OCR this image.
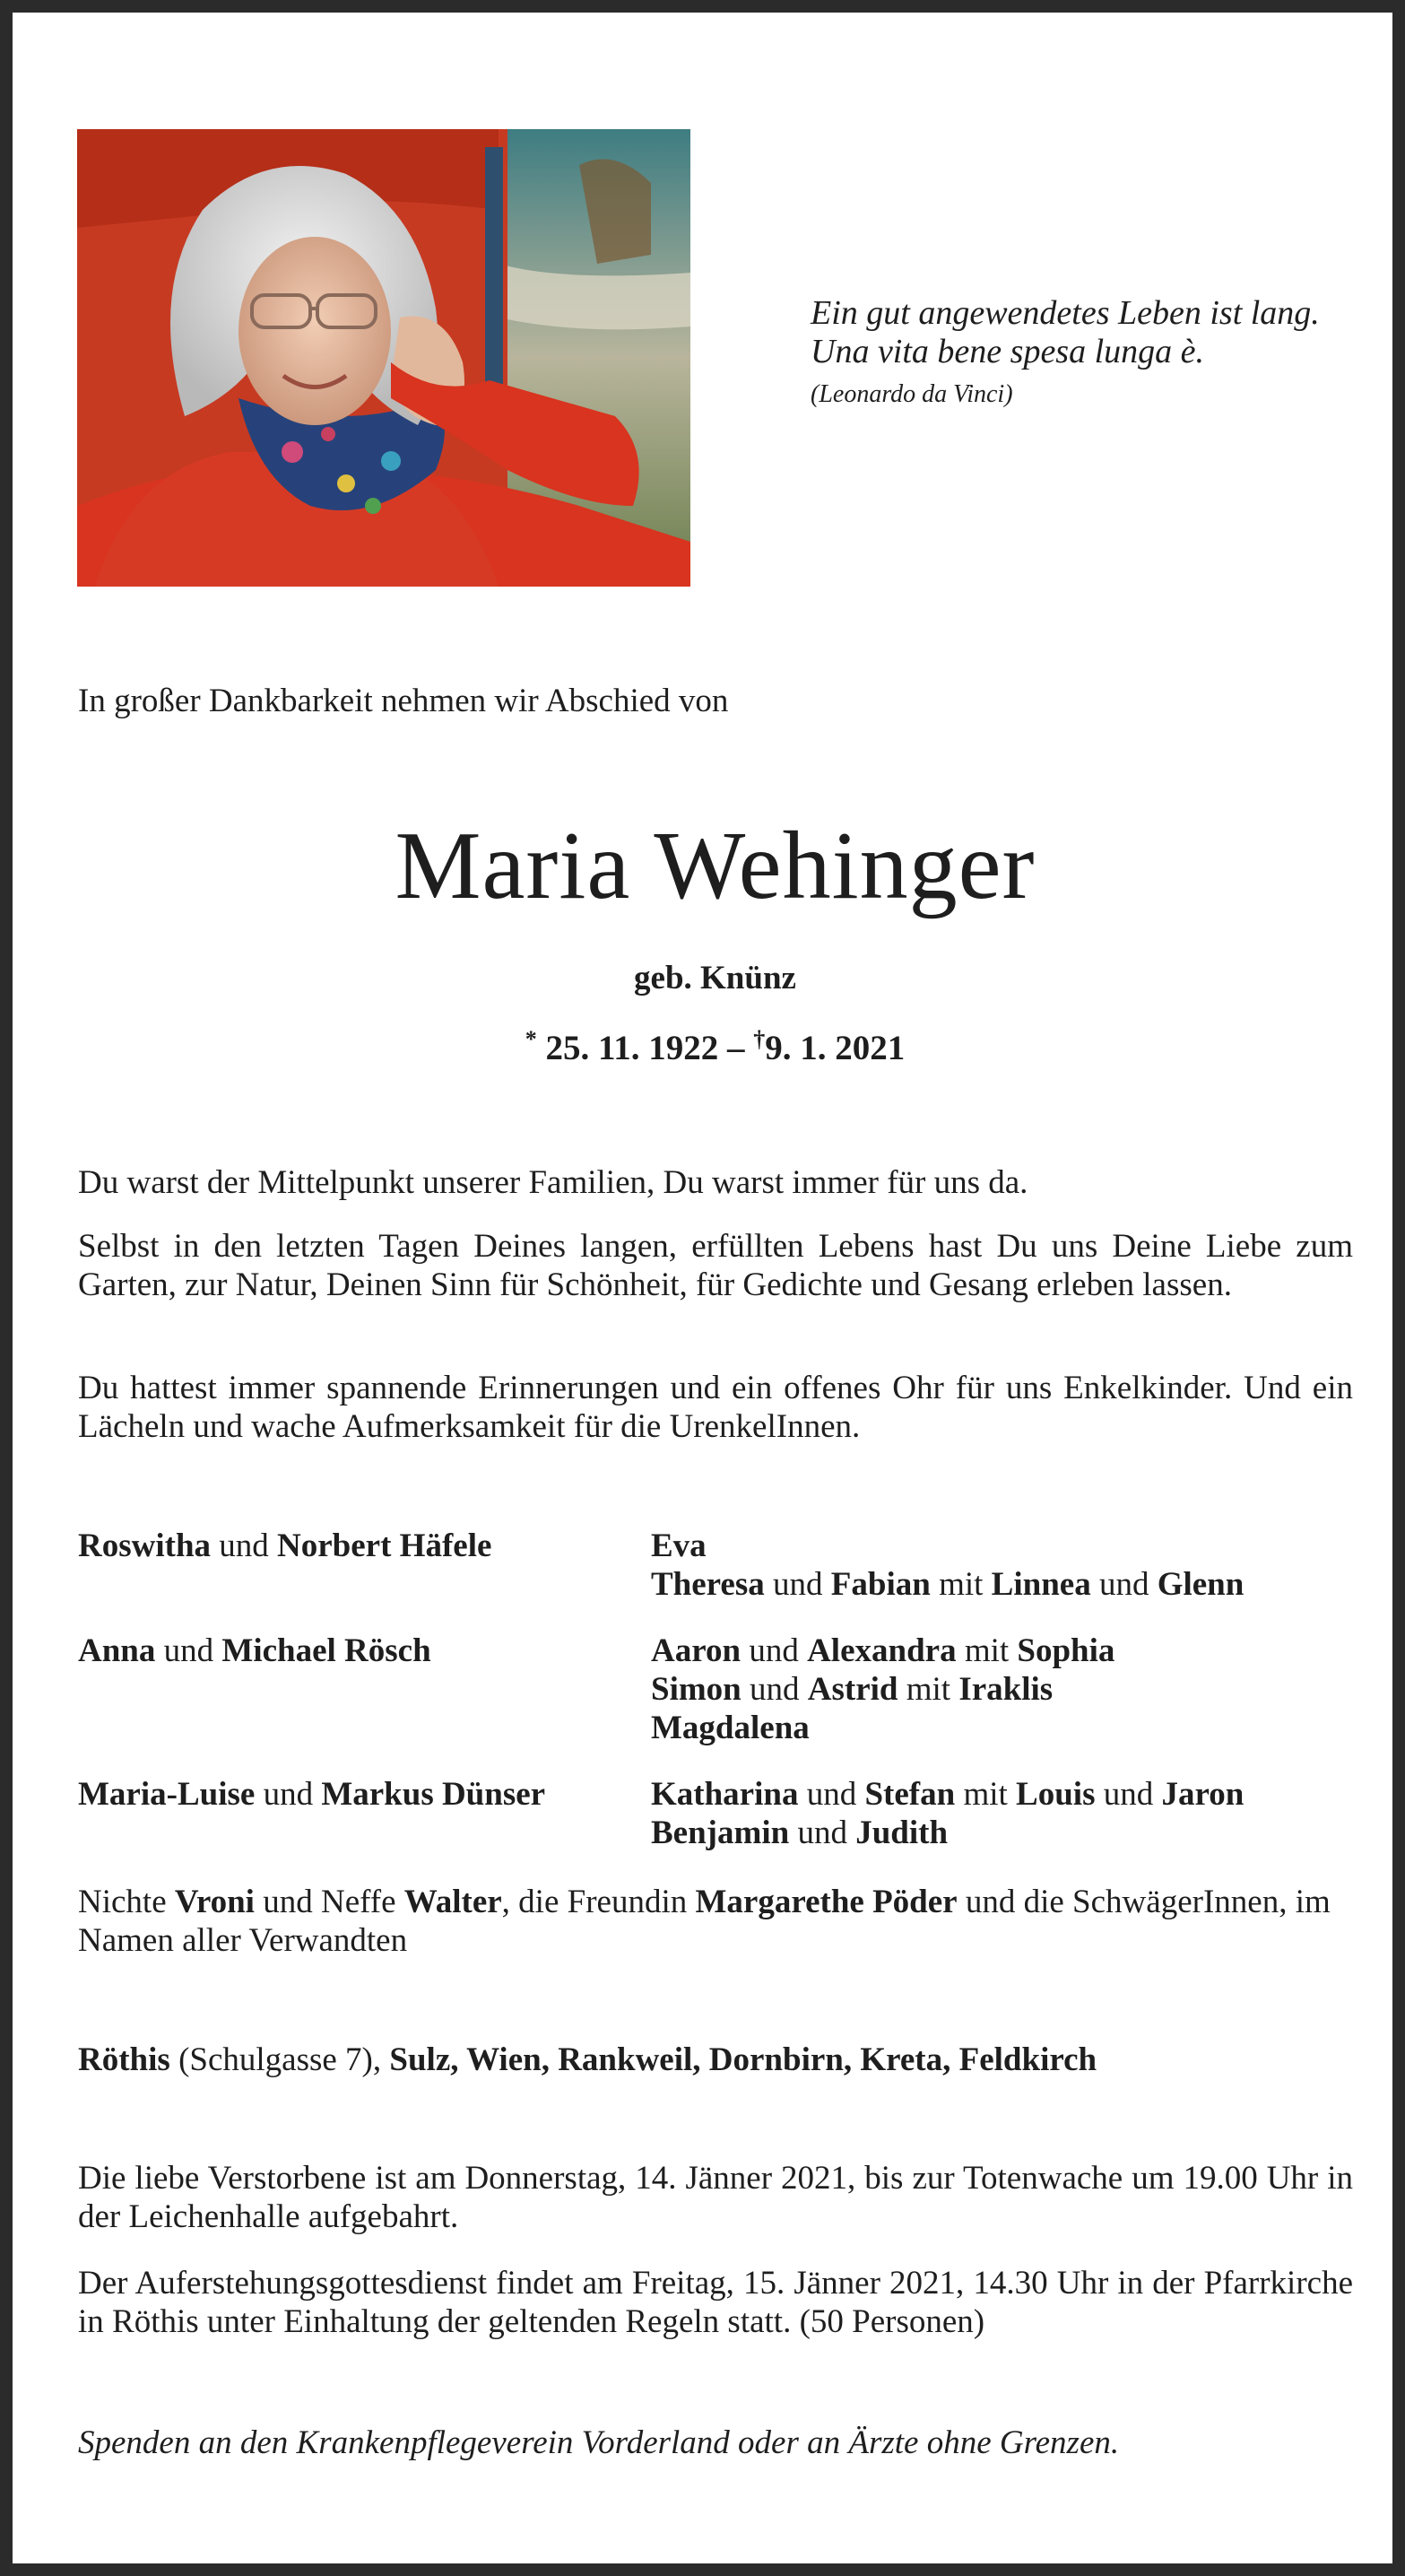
Ein gut angewendetes Leben ist lang.
Una vita bene spesa lunga è.
(Leonardo da Vinci)
In großer Dankbarkeit nehmen wir Abschied von
Maria Wehinger
geb. Knünz
* 25. 11. 1922 – †9. 1. 2021
Du warst der Mittelpunkt unserer Familien, Du warst immer für uns da.
Selbst in den letzten Tagen Deines langen, erfüllten Lebens hast Du uns Deine Liebe zum Garten, zur Natur, Deinen Sinn für Schönheit, für Gedichte und Gesang erleben lassen.
Du hattest immer spannende Erinnerungen und ein offenes Ohr für uns Enkelkinder. Und ein Lächeln und wache Aufmerksamkeit für die UrenkelInnen.
Roswitha und Norbert Häfele	Eva
Theresa und Fabian mit Linnea und Glenn
Anna und Michael Rösch	Aaron und Alexandra mit Sophia
Simon und Astrid mit Iraklis
Magdalena
Maria-Luise und Markus Dünser	Katharina und Stefan mit Louis und Jaron
Benjamin und Judith
Nichte Vroni und Neffe Walter, die Freundin Margarethe Pöder und die SchwägerInnen, im Namen aller Verwandten
Röthis (Schulgasse 7), Sulz, Wien, Rankweil, Dornbirn, Kreta, Feldkirch
Die liebe Verstorbene ist am Donnerstag, 14. Jänner 2021, bis zur Totenwache um 19.00 Uhr in der Leichenhalle aufgebahrt.
Der Auferstehungsgottesdienst findet am Freitag, 15. Jänner 2021, 14.30 Uhr in der Pfarrkirche in Röthis unter Einhaltung der geltenden Regeln statt. (50 Personen)
Spenden an den Krankenpflegeverein Vorderland oder an Ärzte ohne Grenzen.
